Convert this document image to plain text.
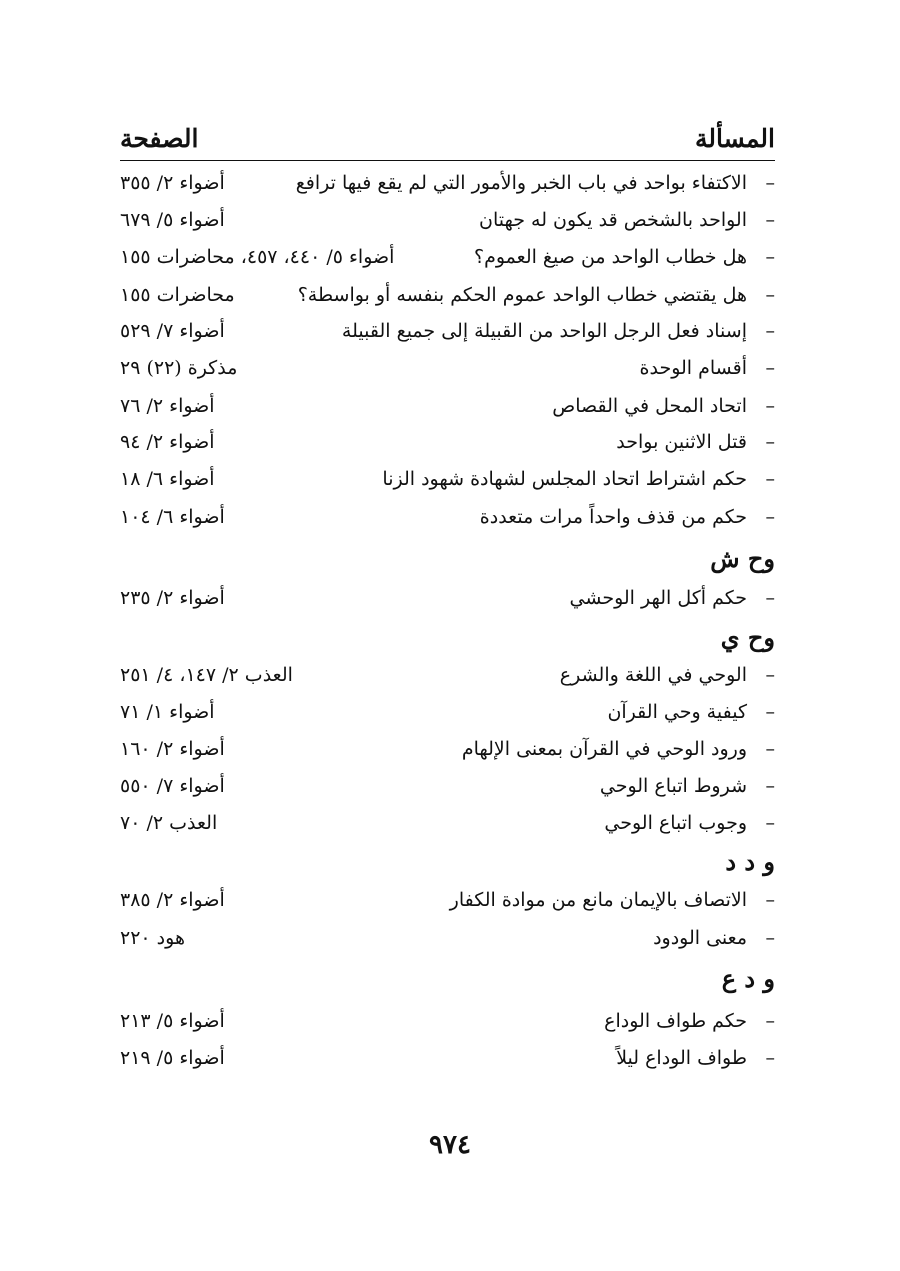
المسألة
الصفحة
–
الاكتفاء بواحد في باب الخبر والأمور التي لم يقع فيها ترافع
أضواء ٢/ ٣٥٥
–
الواحد بالشخص قد يكون له جهتان
أضواء ٥/ ٦٧٩
–
هل خطاب الواحد من صيغ العموم؟
أضواء ٥/ ٤٤٠، ٤٥٧، محاضرات ١٥٥
–
هل يقتضي خطاب الواحد عموم الحكم بنفسه أو بواسطة؟
محاضرات ١٥٥
–
إسناد فعل الرجل الواحد من القبيلة إلى جميع القبيلة
أضواء ٧/ ٥٢٩
–
أقسام الوحدة
مذكرة (٢٢) ٢٩
–
اتحاد المحل في القصاص
أضواء ٢/ ٧٦
–
قتل الاثنين بواحد
أضواء ٢/ ٩٤
–
حكم اشتراط اتحاد المجلس لشهادة شهود الزنا
أضواء ٦/ ١٨
–
حكم من قذف واحداً مرات متعددة
أضواء ٦/ ١٠٤
وح ش
–
حكم أكل الهر الوحشي
أضواء ٢/ ٢٣٥
وح ي
–
الوحي في اللغة والشرع
العذب ٢/ ١٤٧، ٤/ ٢٥١
–
كيفية وحي القرآن
أضواء ١/ ٧١
–
ورود الوحي في القرآن بمعنى الإلهام
أضواء ٢/ ١٦٠
–
شروط اتباع الوحي
أضواء ٧/ ٥٥٠
–
وجوب اتباع الوحي
العذب ٢/ ٧٠
و د د
–
الاتصاف بالإيمان مانع من موادة الكفار
أضواء ٢/ ٣٨٥
–
معنى الودود
هود ٢٢٠
و د ع
–
حكم طواف الوداع
أضواء ٥/ ٢١٣
–
طواف الوداع ليلاً
أضواء ٥/ ٢١٩
٩٧٤
